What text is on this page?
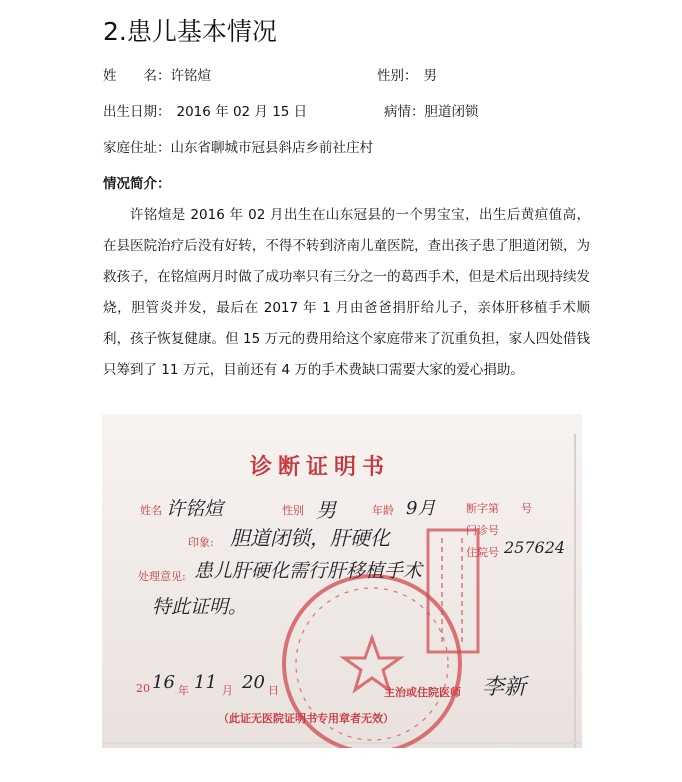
2.患儿基本情况
姓　　名：许铭煊	性别： 男
出生日期： 2016 年 02 月 15 日	病情：胆道闭锁
家庭住址：山东省聊城市冠县斜店乡前社庄村
情况简介：

许铭煊是 2016 年 02 月出生在山东冠县的一个男宝宝，出生后黄疸值高，在县医院治疗后没有好转，不得不转到济南儿童医院，查出孩子患了胆道闭锁，为救孩子，在铭煊两月时做了成功率只有三分之一的葛西手术，但是术后出现持续发烧，胆管炎并发，最后在 2017 年 1 月由爸爸捐肝给儿子，亲体肝移植手术顺利，孩子恢复健康。但 15 万元的费用给这个家庭带来了沉重负担，家人四处借钱只筹到了 11 万元，目前还有 4 万的手术费缺口需要大家的爱心捐助。

诊断证明书
姓名 许铭煊	性别 男	年龄 9月	断字第　　号
门诊号
住院号 257624
印象: 胆道闭锁，肝硬化
处理意见: 患儿肝硬化需行肝移植手术
特此证明。
20 16 年 11 月 20 日	主治或住院医师 李新
（此证无医院证明书专用章者无效）
